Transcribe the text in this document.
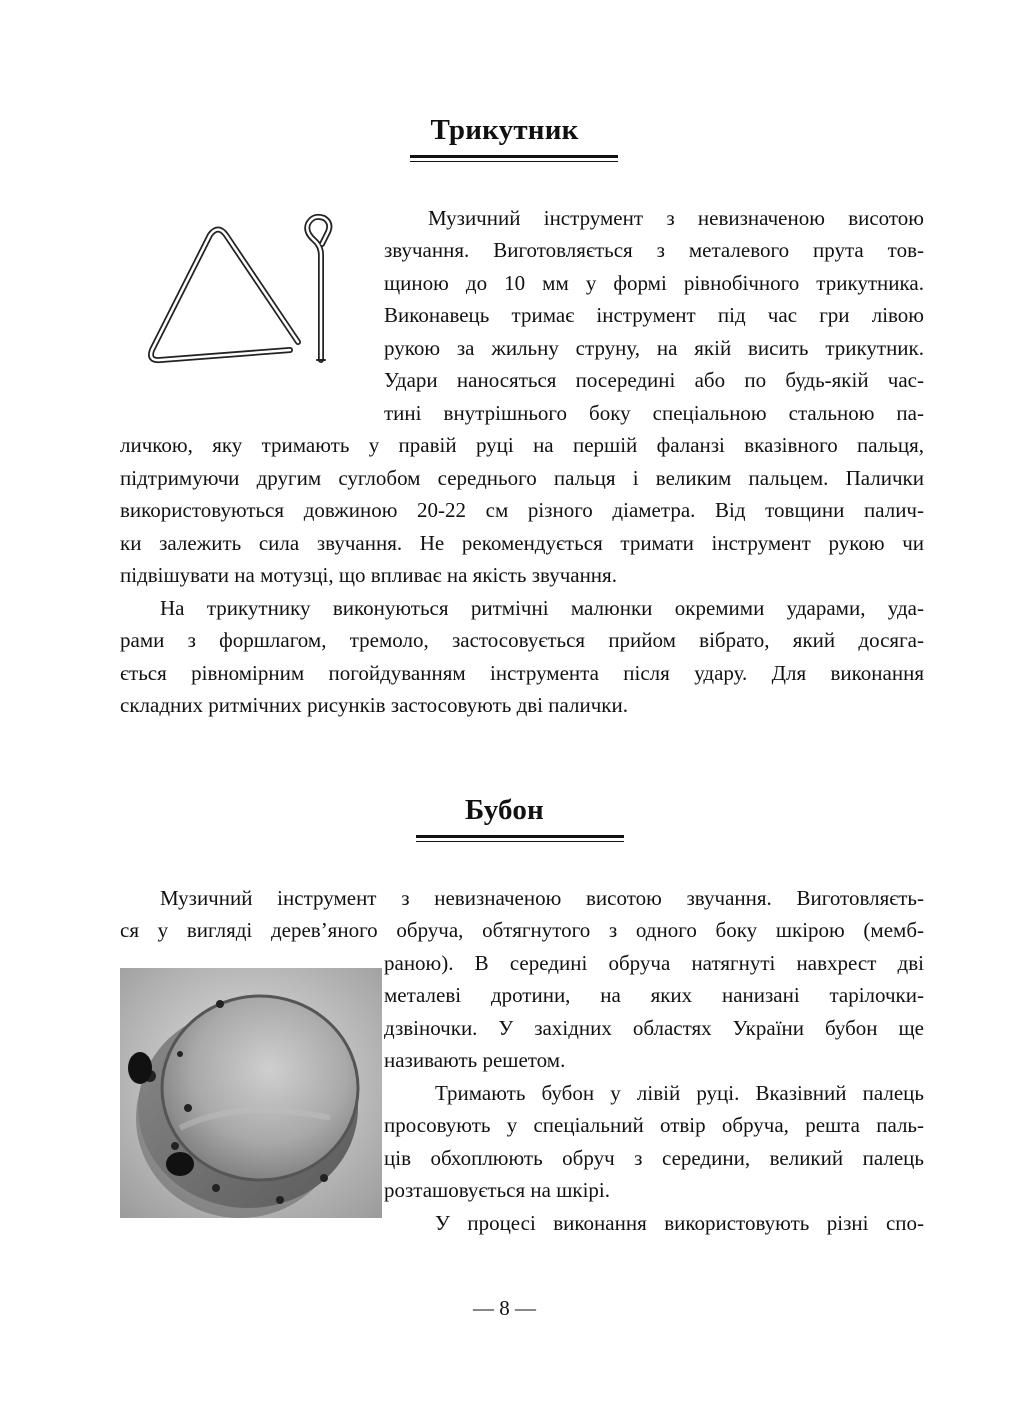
Трикутник
Музичний інструмент з невизначеною висотою
звучання. Виготовляється з металевого прута тов-
щиною до 10 мм у формі рівнобічного трикутника.
Виконавець тримає інструмент під час гри лівою
рукою за жильну струну, на якій висить трикутник.
Удари наносяться посередині або по будь-якій час-
тині внутрішнього боку спеціальною стальною па-
личкою, яку тримають у правій руці на першій фаланзі вказівного пальця,
підтримуючи другим суглобом середнього пальця і великим пальцем. Палички
використовуються довжиною 20-22 см різного діаметра. Від товщини палич-
ки залежить сила звучання. Не рекомендується тримати інструмент рукою чи
підвішувати на мотузці, що впливає на якість звучання.
На трикутнику виконуються ритмічні малюнки окремими ударами, уда-
рами з форшлагом, тремоло, застосовується прийом вібрато, який досяга-
ється рівномірним погойдуванням інструмента після удару. Для виконання
складних ритмічних рисунків застосовують дві палички.
Бубон
Музичний інструмент з невизначеною висотою звучання. Виготовляєть-
ся у вигляді дерев’яного обруча, обтягнутого з одного боку шкірою (мемб-
раною). В середині обруча натягнуті навхрест дві
металеві дротини, на яких нанизані тарілочки-
дзвіночки. У західних областях України бубон ще
називають решетом.
Тримають бубон у лівій руці. Вказівний палець
просовують у спеціальний отвір обруча, решта паль-
ців обхоплюють обруч з середини, великий палець
розташовується на шкірі.
У процесі виконання використовують різні спо-
— 8 —
